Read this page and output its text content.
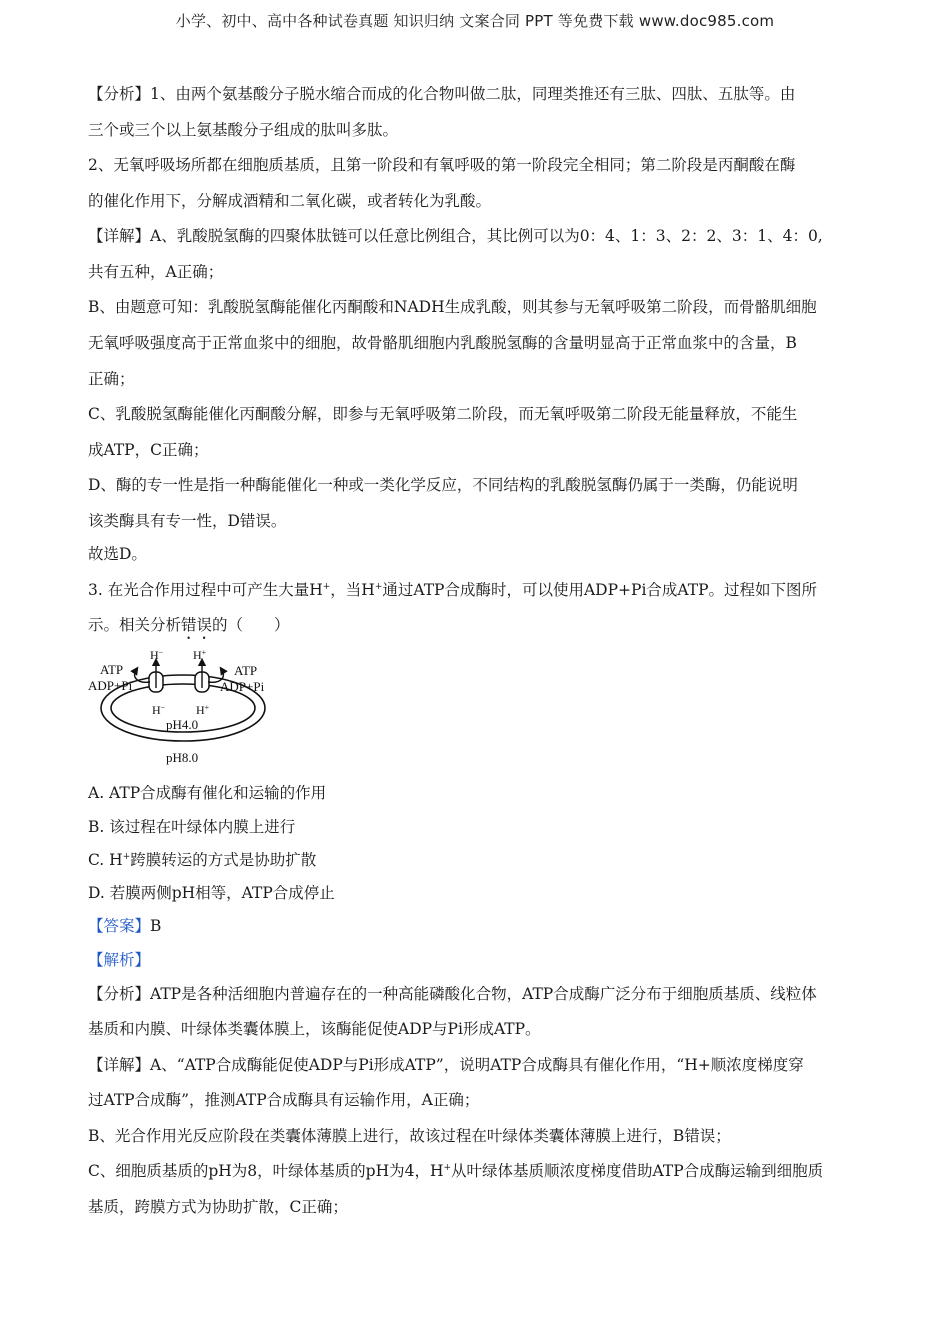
小学、初中、高中各种试卷真题 知识归纳 文案合同 PPT 等免费下载 www.doc985.com
【分析】1、由两个氨基酸分子脱水缩合而成的化合物叫做二肽，同理类推还有三肽、四肽、五肽等。由
三个或三个以上氨基酸分子组成的肽叫多肽。
2、无氧呼吸场所都在细胞质基质，且第一阶段和有氧呼吸的第一阶段完全相同；第二阶段是丙酮酸在酶
的催化作用下，分解成酒精和二氧化碳，或者转化为乳酸。
【详解】A、乳酸脱氢酶的四聚体肽链可以任意比例组合，其比例可以为0：4、1：3、2：2、3：1、4：0,
共有五种，A正确；
B、由题意可知：乳酸脱氢酶能催化丙酮酸和NADH生成乳酸，则其参与无氧呼吸第二阶段，而骨骼肌细胞
无氧呼吸强度高于正常血浆中的细胞，故骨骼肌细胞内乳酸脱氢酶的含量明显高于正常血浆中的含量，B
正确；
C、乳酸脱氢酶能催化丙酮酸分解，即参与无氧呼吸第二阶段，而无氧呼吸第二阶段无能量释放，不能生
成ATP，C正确；
D、酶的专一性是指一种酶能催化一种或一类化学反应，不同结构的乳酸脱氢酶仍属于一类酶，仍能说明
该类酶具有专一性，D错误。
故选D。
3. 在光合作用过程中可产生大量H+，当H+通过ATP合成酶时，可以使用ADP+Pi合成ATP。过程如下图所
示。相关分析错误的（　　）
ATP
ADP+Pi
ATP
ADP+Pi
H− H+
H−	H+
pH4.0
pH8.0
A. ATP合成酶有催化和运输的作用
B. 该过程在叶绿体内膜上进行
C. H+跨膜转运的方式是协助扩散
D. 若膜两侧pH相等，ATP合成停止
【答案】B
【解析】
【分析】ATP是各种活细胞内普遍存在的一种高能磷酸化合物，ATP合成酶广泛分布于细胞质基质、线粒体
基质和内膜、叶绿体类囊体膜上，该酶能促使ADP与Pi形成ATP。
【详解】A、“ATP合成酶能促使ADP与Pi形成ATP”，说明ATP合成酶具有催化作用，“H+顺浓度梯度穿
过ATP合成酶”，推测ATP合成酶具有运输作用，A正确；
B、光合作用光反应阶段在类囊体薄膜上进行，故该过程在叶绿体类囊体薄膜上进行，B错误；
C、细胞质基质的pH为8，叶绿体基质的pH为4，H+从叶绿体基质顺浓度梯度借助ATP合成酶运输到细胞质
基质，跨膜方式为协助扩散，C正确；
